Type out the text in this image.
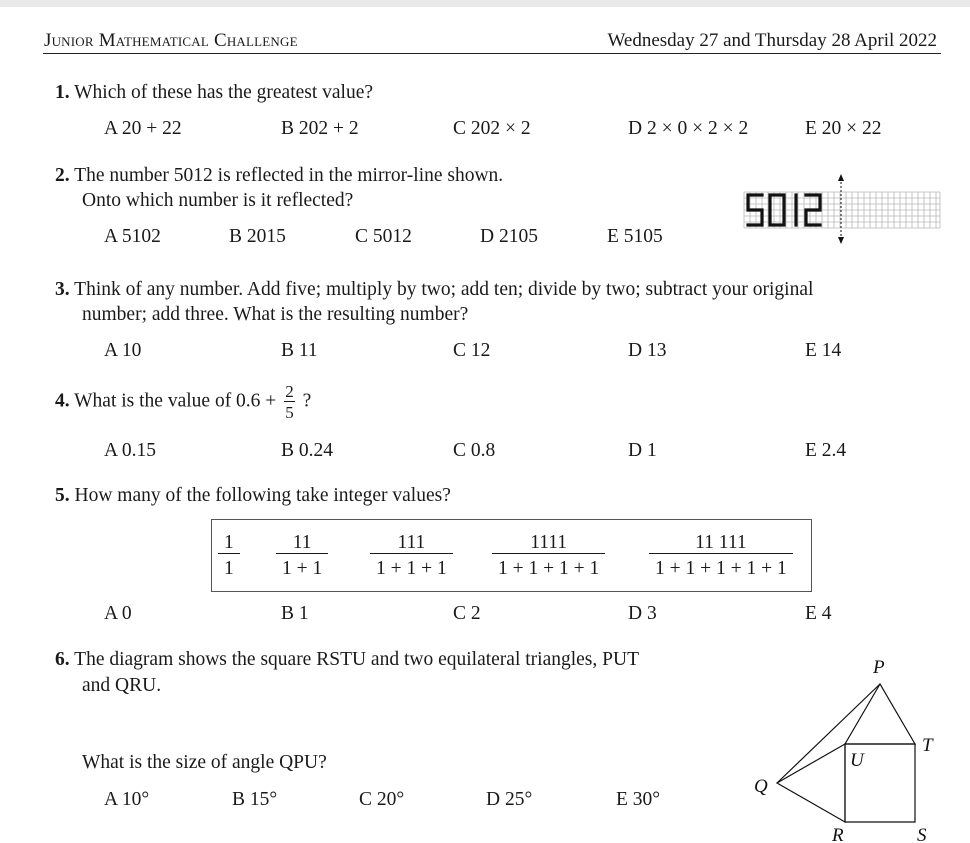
Junior Mathematical Challenge	Wednesday 27 and Thursday 28 April 2022
1. Which of these has the greatest value?
A 20 + 22	B 202 + 2	C 202 × 2	D 2 × 0 × 2 × 2	E 20 × 22
2. The number 5012 is reflected in the mirror-line shown.
Onto which number is it reflected?
A 5102	B 2015	C 5012	D 2105	E 5105
3. Think of any number. Add five; multiply by two; add ten; divide by two; subtract your original
number; add three. What is the resulting number?
A 10	B 11	C 12	D 13	E 14
4. What is the value of $0.6 + \frac{2}{5}$ ?
A 0.15	B 0.24	C 0.8	D 1	E 2.4
5. How many of the following take integer values?
$\frac{1}{1} \frac{11}{1 + 1} \frac{111}{1 + 1 + 1} \frac{1111}{1 + 1 + 1 + 1} \frac{11 111}{1 + 1 + 1 + 1 + 1}$
A 0	B 1	C 2	D 3	E 4
6. The diagram shows the square RSTU and two equilateral triangles, PUT
and QRU.
What is the size of angle QPU?
A 10°	B 15°	C 20°	D 25°	E 30°
P
Q
R	S
T
U
